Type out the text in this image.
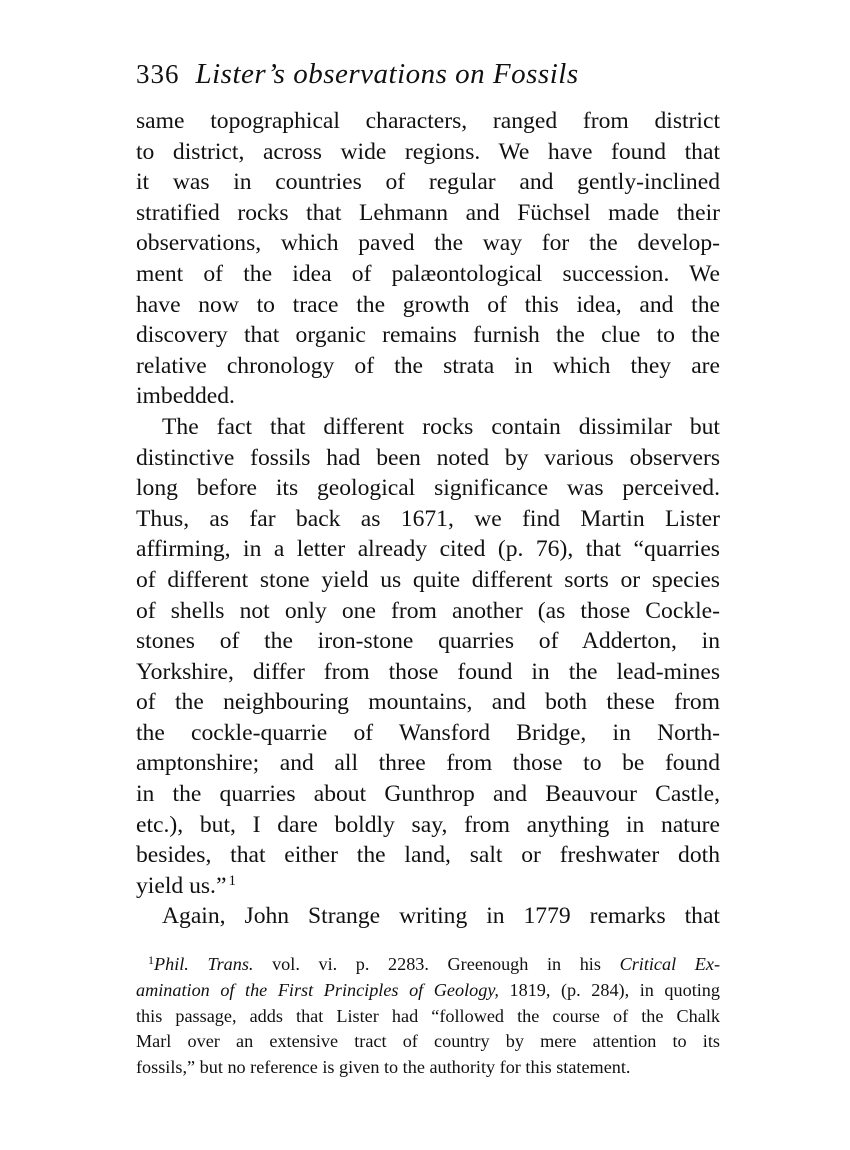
336 Lister’s observations on Fossils
same topographical characters, ranged from district
to district, across wide regions. We have found that
it was in countries of regular and gently-inclined
stratified rocks that Lehmann and Füchsel made their
observations, which paved the way for the develop-
ment of the idea of palæontological succession. We
have now to trace the growth of this idea, and the
discovery that organic remains furnish the clue to the
relative chronology of the strata in which they are
imbedded.
The fact that different rocks contain dissimilar but
distinctive fossils had been noted by various observers
long before its geological significance was perceived.
Thus, as far back as 1671, we find Martin Lister
affirming, in a letter already cited (p. 76), that “quarries
of different stone yield us quite different sorts or species
of shells not only one from another (as those Cockle-
stones of the iron-stone quarries of Adderton, in
Yorkshire, differ from those found in the lead-mines
of the neighbouring mountains, and both these from
the cockle-quarrie of Wansford Bridge, in North-
amptonshire; and all three from those to be found
in the quarries about Gunthrop and Beauvour Castle,
etc.), but, I dare boldly say, from anything in nature
besides, that either the land, salt or freshwater doth
yield us.” $^1$
Again, John Strange writing in 1779 remarks that
$^1$Phil. Trans. vol. vi. p. 2283. Greenough in his Critical Ex-
amination of the First Principles of Geology, 1819, (p. 284), in quoting
this passage, adds that Lister had “followed the course of the Chalk
Marl over an extensive tract of country by mere attention to its
fossils,” but no reference is given to the authority for this statement.
